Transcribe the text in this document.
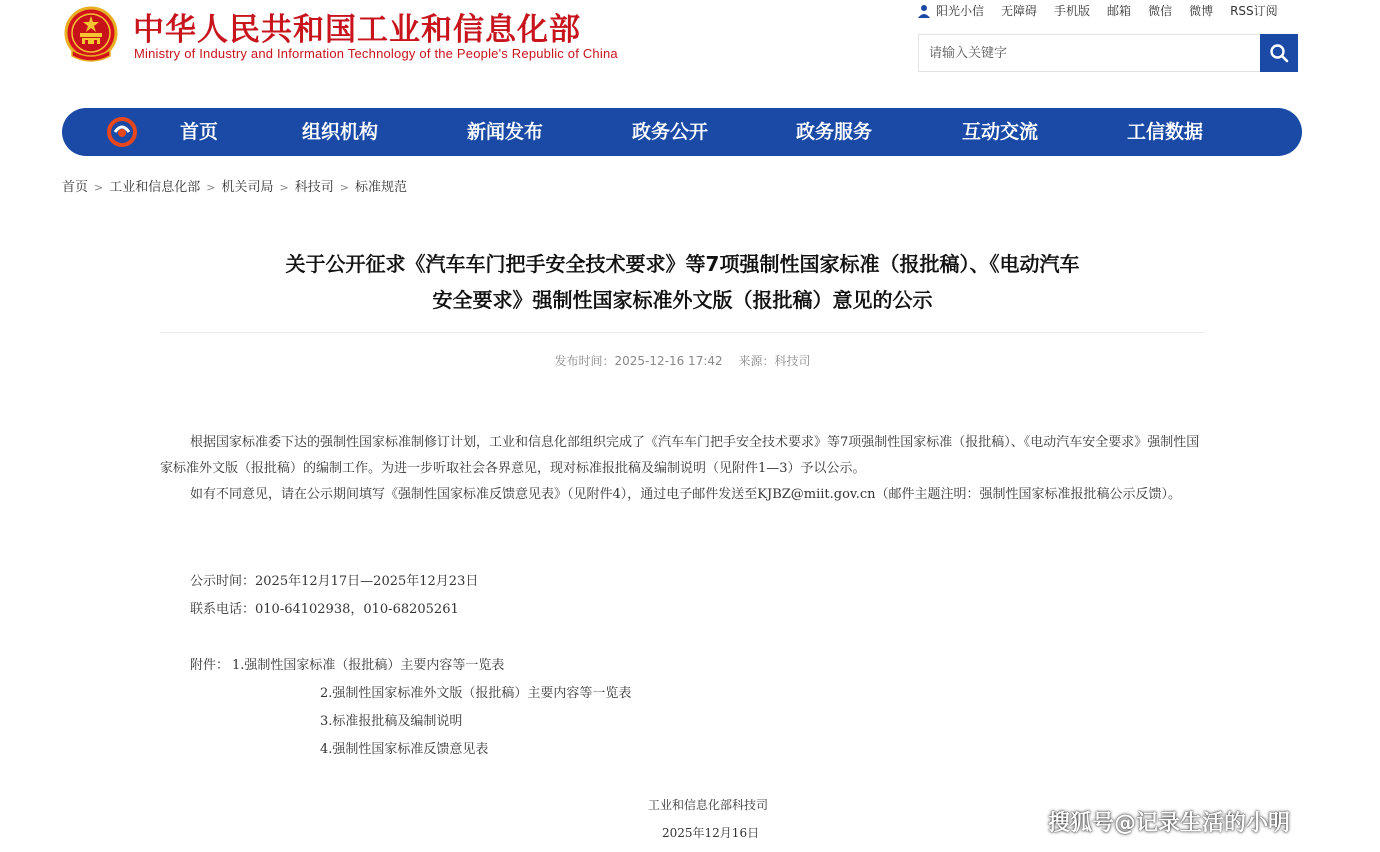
中华人民共和国工业和信息化部
Ministry of Industry and Information Technology of the People's Republic of China
阳光小信 无障碍 手机版 邮箱 微信 微博 RSS订阅
请输入关键字
首页	组织机构	新闻发布	政务公开	政务服务	互动交流	工信数据
首页 > 工业和信息化部 > 机关司局 > 科技司 > 标准规范
关于公开征求《汽车车门把手安全技术要求》等7项强制性国家标准（报批稿）、《电动汽车
安全要求》强制性国家标准外文版（报批稿）意见的公示
发布时间：2025-12-16 17:42 来源：科技司

根据国家标准委下达的强制性国家标准制修订计划，工业和信息化部组织完成了《汽车车门把手安全技术要求》等7项强制性国家标准（报批稿）、《电动汽车安全要求》强制性国家标准外文版（报批稿）的编制工作。为进一步听取社会各界意见，现对标准报批稿及编制说明（见附件1—3）予以公示。

如有不同意见，请在公示期间填写《强制性国家标准反馈意见表》（见附件4），通过电子邮件发送至KJBZ@miit.gov.cn（邮件主题注明：强制性国家标准报批稿公示反馈）。

公示时间：2025年12月17日—2025年12月23日
联系电话：010-64102938，010-68205261
附件： 1.强制性国家标准（报批稿）主要内容等一览表
2.强制性国家标准外文版（报批稿）主要内容等一览表
3.标准报批稿及编制说明
4.强制性国家标准反馈意见表
工业和信息化部科技司
2025年12月16日	搜狐号@记录生活的小明
